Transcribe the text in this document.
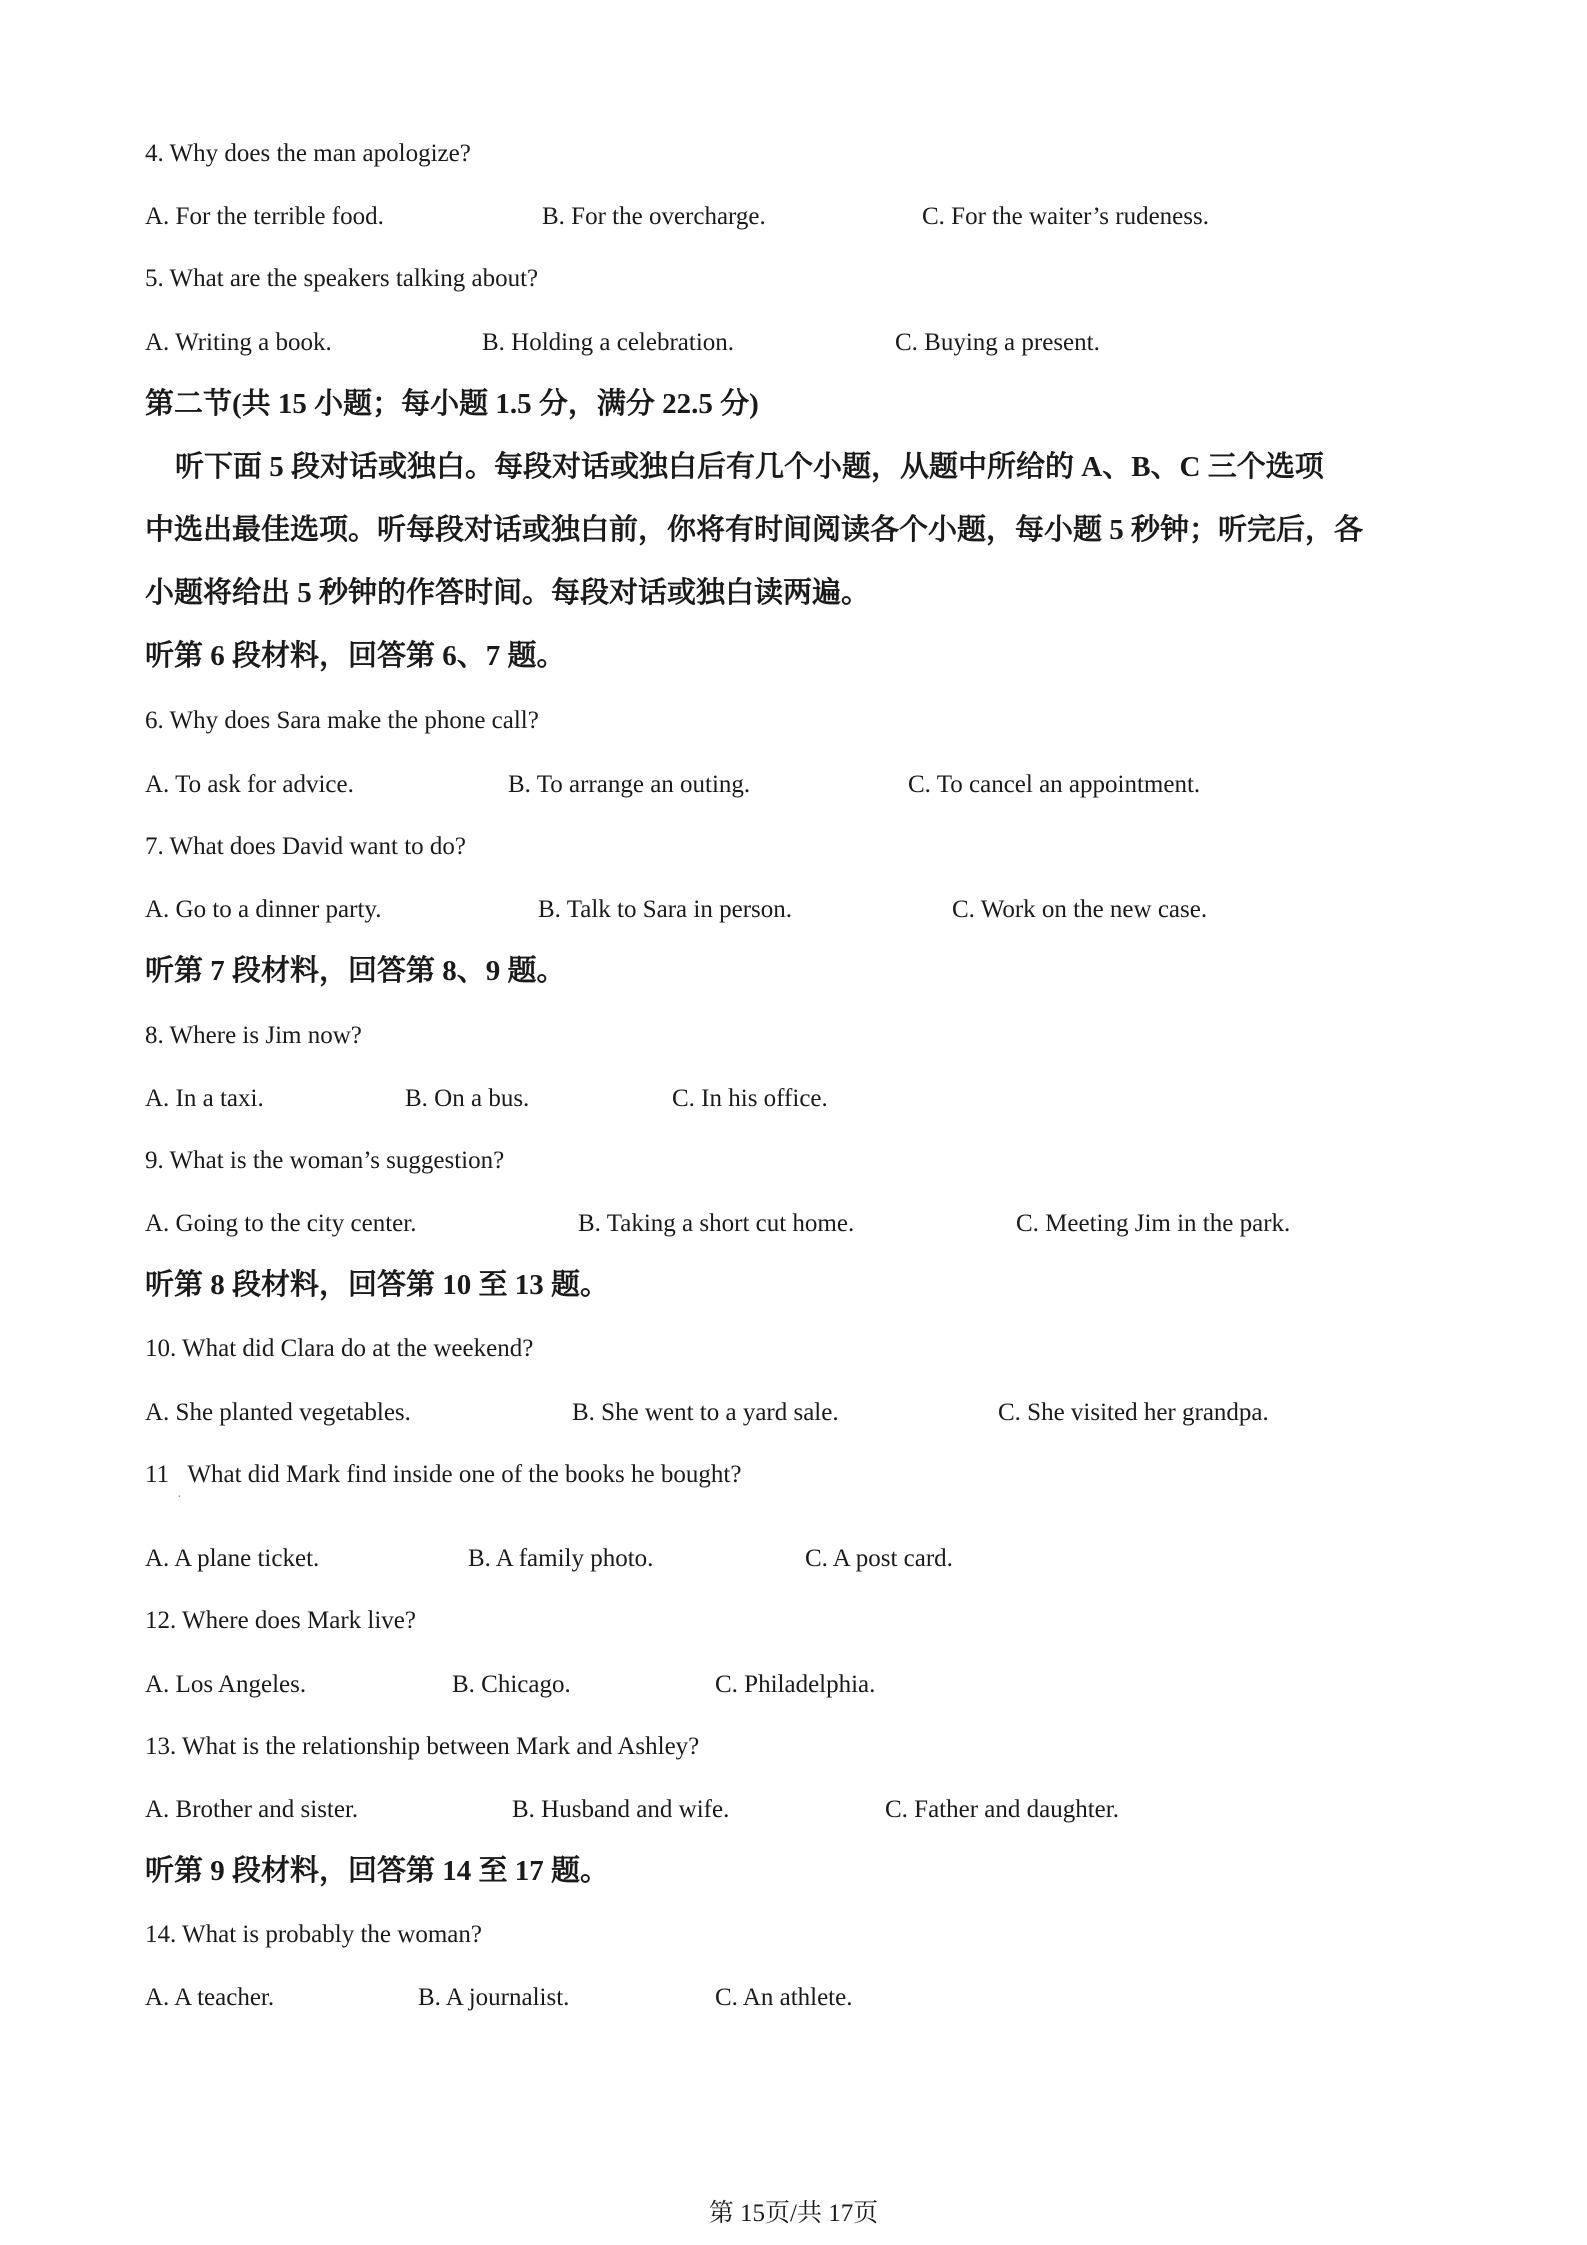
4. Why does the man apologize?
A. For the terrible food.	B. For the overcharge.	C. For the waiter’s rudeness.
5. What are the speakers talking about?
A. Writing a book.	B. Holding a celebration.	C. Buying a present.
第二节(共 15 小题；每小题 1.5 分，满分 22.5 分)
听下面 5 段对话或独白。每段对话或独白后有几个小题，从题中所给的 A、B、C 三个选项
中选出最佳选项。听每段对话或独白前，你将有时间阅读各个小题，每小题 5 秒钟；听完后，各
小题将给出 5 秒钟的作答时间。每段对话或独白读两遍。
听第 6 段材料，回答第 6、7 题。
6. Why does Sara make the phone call?
A. To ask for advice.	B. To arrange an outing.	C. To cancel an appointment.
7. What does David want to do?
A. Go to a dinner party.	B. Talk to Sara in person.	C. Work on the new case.
听第 7 段材料，回答第 8、9 题。
8. Where is Jim now?
A. In a taxi.	B. On a bus.	C. In his office.
9. What is the woman’s suggestion?
A. Going to the city center.	B. Taking a short cut home.	C. Meeting Jim in the park.
听第 8 段材料，回答第 10 至 13 题。
10. What did Clara do at the weekend?
A. She planted vegetables.	B. She went to a yard sale.	C. She visited her grandpa.
11   What did Mark find inside one of the books he bought?
·
A. A plane ticket.	B. A family photo.	C. A post card.
12. Where does Mark live?
A. Los Angeles.	B. Chicago.	C. Philadelphia.
13. What is the relationship between Mark and Ashley?
A. Brother and sister.	B. Husband and wife.	C. Father and daughter.
听第 9 段材料，回答第 14 至 17 题。
14. What is probably the woman?
A. A teacher.	B. A journalist.	C. An athlete.
第 15页/共 17页
